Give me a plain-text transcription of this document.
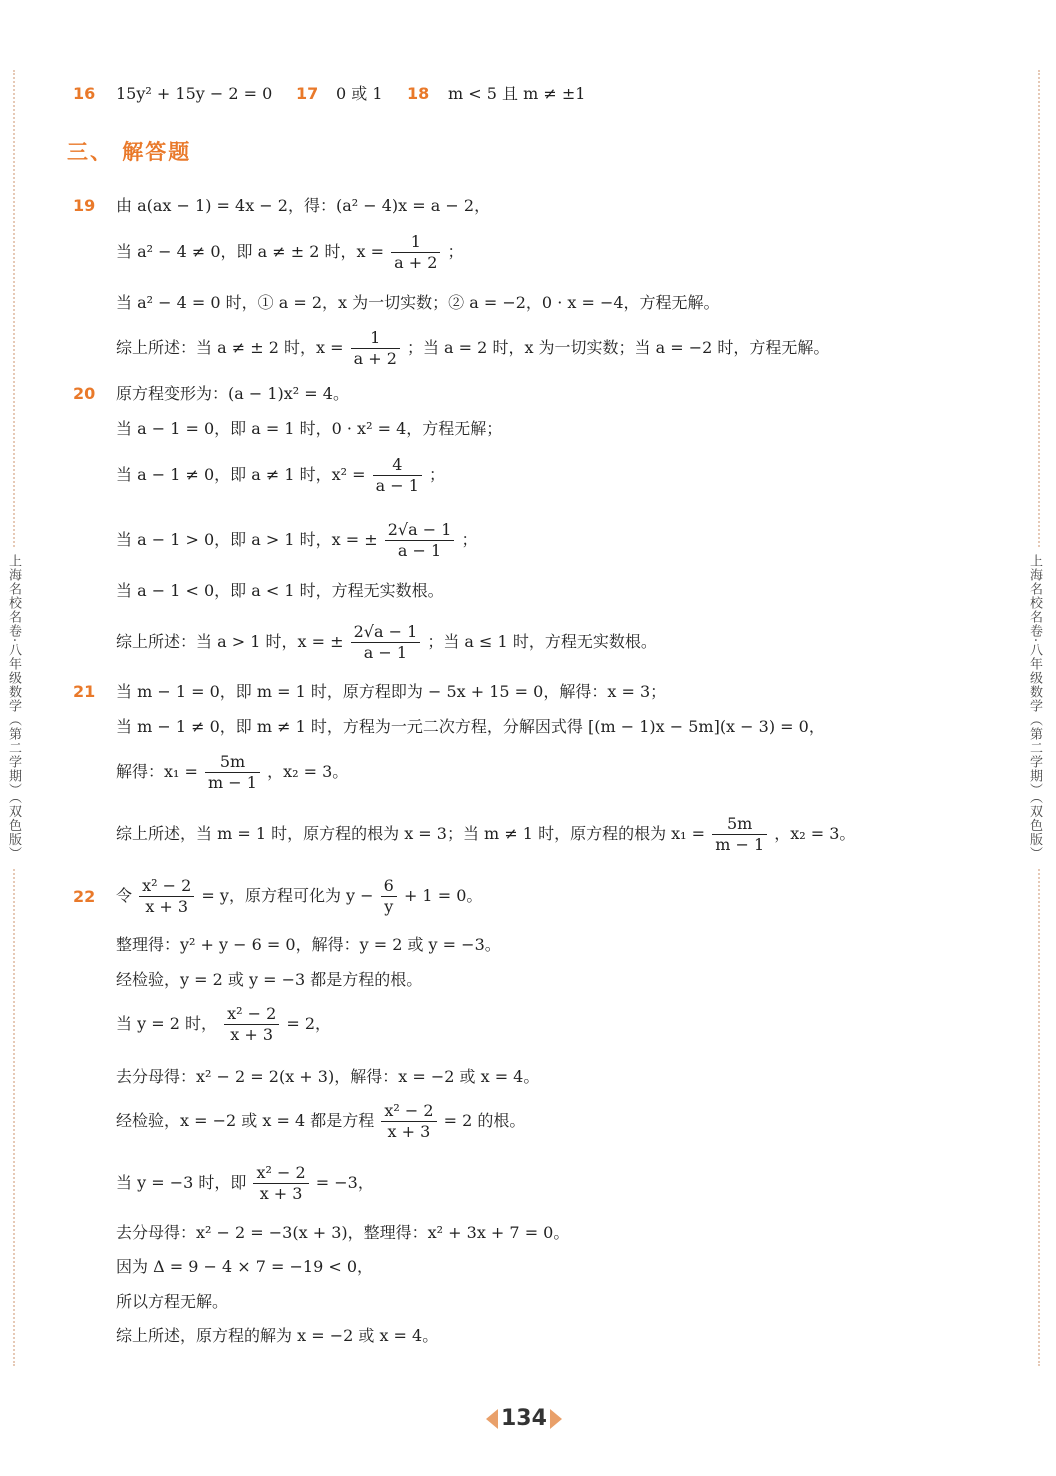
上海名校名卷·八年级数学（第二学期）（双色版）	上海名校名卷·八年级数学（第二学期）（双色版）
16 15y² + 15y − 2 = 0 17 0 或 1 18 m < 5 且 m ≠ ±1
三、 解答题
19 由 a(ax − 1) = 4x − 2，得：(a² − 4)x = a − 2，
当 a² − 4 ≠ 0，即 a ≠ ± 2 时，$x = \frac{1}{a + 2}$ ；
当 a² − 4 = 0 时，① a = 2，x 为一切实数；② a = −2，0 · x = −4，方程无解。
综上所述：当 a ≠ ± 2 时，$x = \frac{1}{a + 2}$ ；当 a = 2 时，x 为一切实数；当 a = −2 时，方程无解。
20 原方程变形为：(a − 1)x² = 4。
当 a − 1 = 0，即 a = 1 时，0 · x² = 4，方程无解；
当 a − 1 ≠ 0，即 a ≠ 1 时，$x^2 = \frac{4}{a - 1}$ ；
当 a − 1 > 0，即 a > 1 时，x = ± $\frac{2√a - 1}{a - 1}$ ；
当 a − 1 < 0，即 a < 1 时，方程无实数根。
综上所述：当 a > 1 时，x = ± $\frac{2√a - 1}{a - 1}$ ；当 a ≤ 1 时，方程无实数根。
21 当 m − 1 = 0，即 m = 1 时，原方程即为 − 5x + 15 = 0，解得：x = 3；
当 m − 1 ≠ 0，即 m ≠ 1 时，方程为一元二次方程，分解因式得 [(m − 1)x − 5m](x − 3) = 0，
解得：$x_1 = \frac{5m}{m - 1}$ ，x₂ = 3。
综上所述，当 m = 1 时，原方程的根为 x = 3；当 m ≠ 1 时，原方程的根为 $x_1 = \frac{5m}{m - 1}$ ，x₂ = 3。
22 令 $\frac{\text{x² − 2}}{x + 3} = y$，原方程可化为 $y - \frac{6}{y} + 1 = 0$。
整理得：y² + y − 6 = 0，解得：y = 2 或 y = −3。
经检验，y = 2 或 y = −3 都是方程的根。
当 y = 2 时， $\frac{\text{x² − 2}}{x + 3} = 2$，
去分母得：x² − 2 = 2(x + 3)，解得：x = −2 或 x = 4。
经检验，x = −2 或 x = 4 都是方程 $\frac{\text{x² − 2}}{x + 3} = 2$ 的根。
当 y = −3 时，即 $\frac{\text{x² − 2}}{x + 3} = -3$，
去分母得：x² − 2 = −3(x + 3)，整理得：x² + 3x + 7 = 0。
因为 Δ = 9 − 4 × 7 = −19 < 0，
所以方程无解。
综上所述，原方程的解为 x = −2 或 x = 4。
134
